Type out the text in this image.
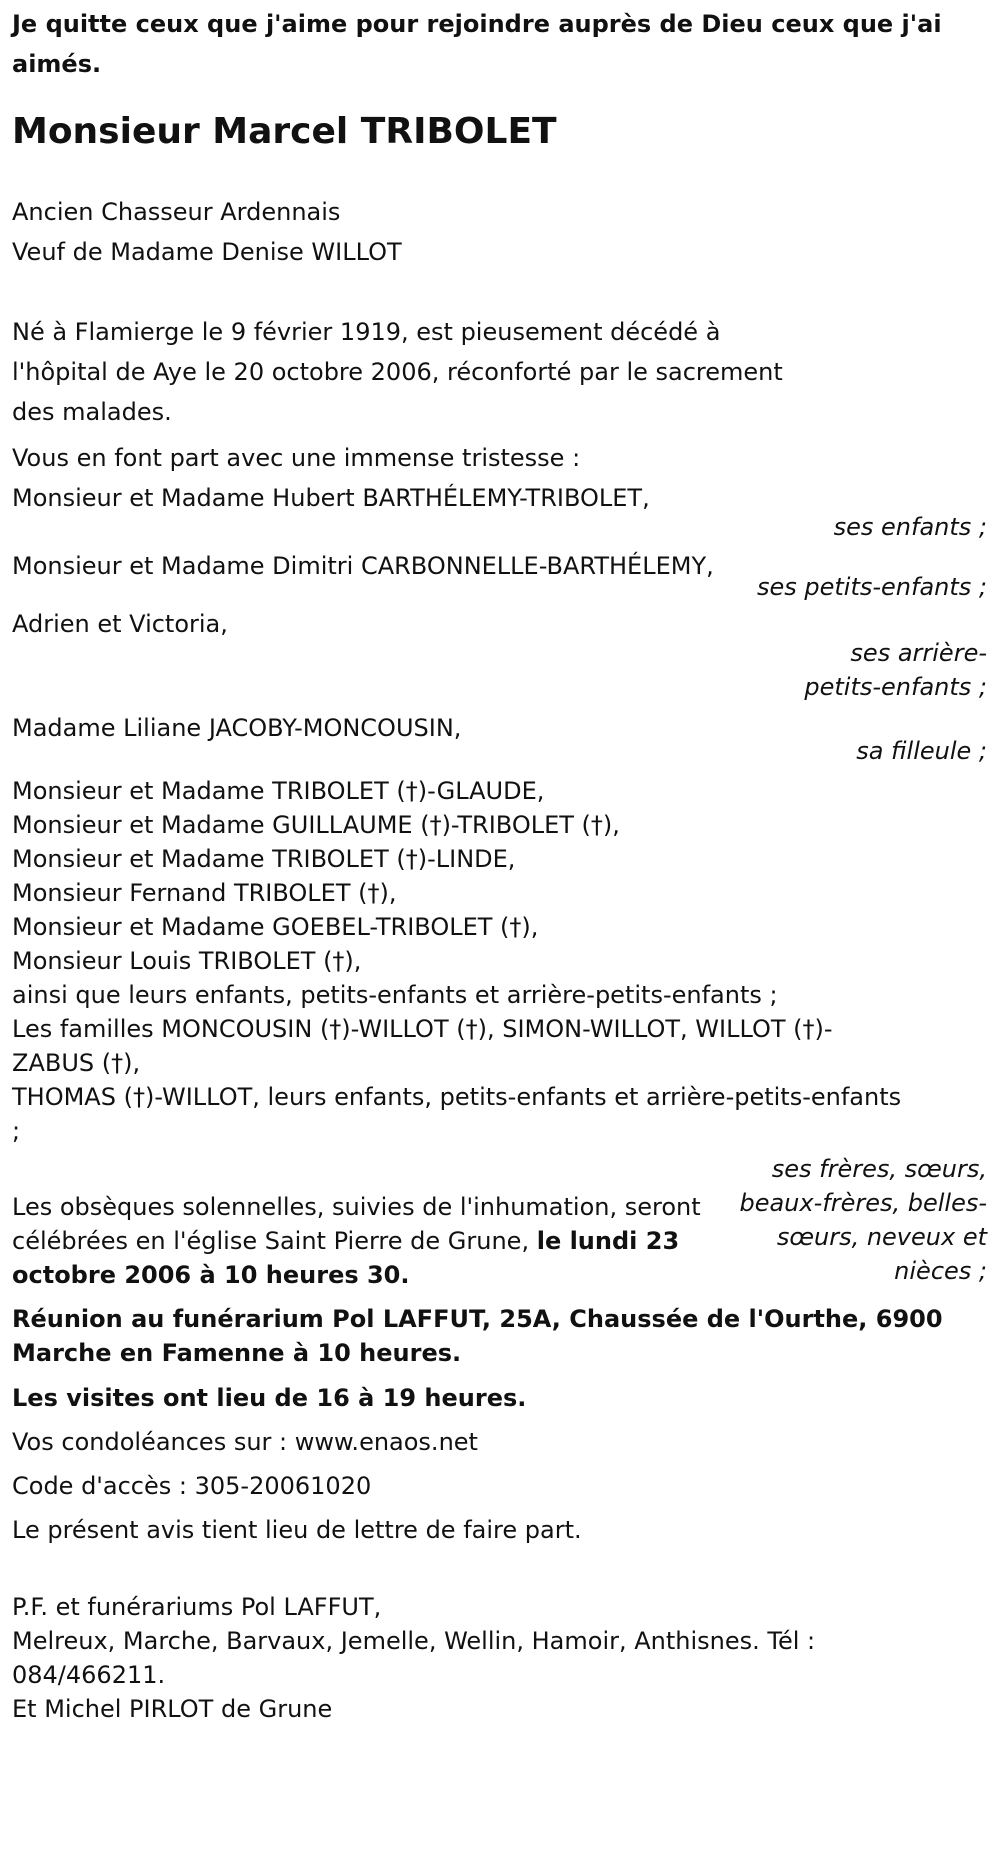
Je quitte ceux que j'aime pour rejoindre auprès de Dieu ceux que j'ai aimés.

Monsieur Marcel TRIBOLET

Ancien Chasseur Ardennais

Veuf de Madame Denise WILLOT

Né à Flamierge le 9 février 1919, est pieusement décédé à l'hôpital de Aye le 20 octobre 2006, réconforté par le sacrement des malades.

Vous en font part avec une immense tristesse :

Monsieur et Madame Hubert BARTHÉLEMY-TRIBOLET,

ses enfants ;

Monsieur et Madame Dimitri CARBONNELLE-BARTHÉLEMY,

ses petits-enfants ;

Adrien et Victoria,

ses arrière-petits-enfants ;

Madame Liliane JACOBY-MONCOUSIN,

sa filleule ;

Monsieur et Madame TRIBOLET (†)-GLAUDE,

Monsieur et Madame GUILLAUME (†)-TRIBOLET (†),

Monsieur et Madame TRIBOLET (†)-LINDE,

Monsieur Fernand TRIBOLET (†),

Monsieur et Madame GOEBEL-TRIBOLET (†),

Monsieur Louis TRIBOLET (†),

ainsi que leurs enfants, petits-enfants et arrière-petits-enfants ;

Les familles MONCOUSIN (†)-WILLOT (†), SIMON-WILLOT, WILLOT (†)-ZABUS (†),

THOMAS (†)-WILLOT, leurs enfants, petits-enfants et arrière-petits-enfants ;

ses frères, sœurs, beaux-frères, belles-sœurs, neveux et nièces ;
Les obsèques solennelles, suivies de l'inhumation, seront célébrées en l'église Saint Pierre de Grune, le lundi 23 octobre 2006 à 10 heures 30.

Réunion au funérarium Pol LAFFUT, 25A, Chaussée de l'Ourthe, 6900 Marche en Famenne à 10 heures.

Les visites ont lieu de 16 à 19 heures.

Vos condoléances sur : www.enaos.net

Code d'accès : 305-20061020

Le présent avis tient lieu de lettre de faire part.

P.F. et funérariums Pol LAFFUT,

Melreux, Marche, Barvaux, Jemelle, Wellin, Hamoir, Anthisnes. Tél : 084/466211.

Et Michel PIRLOT de Grune
